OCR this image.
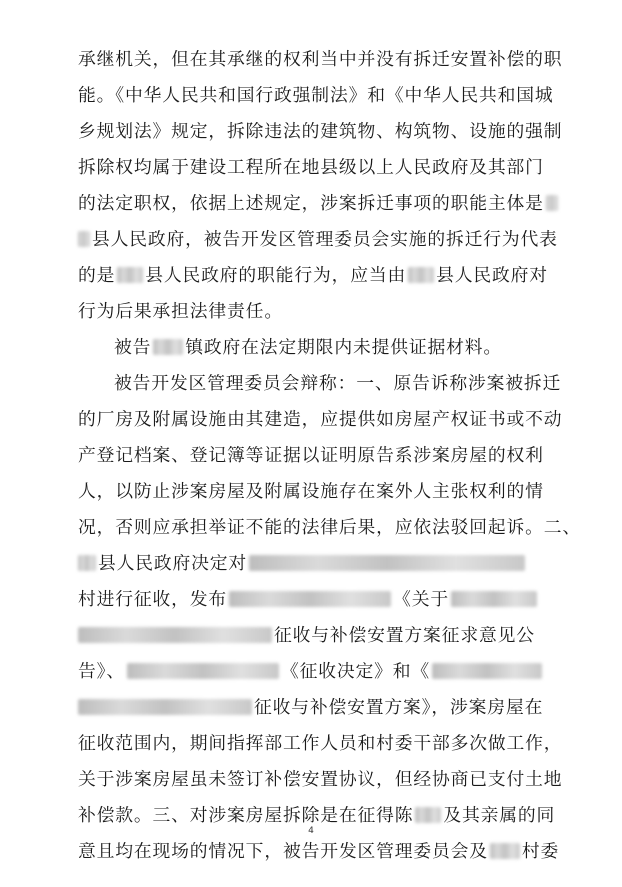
承继机关，但在其承继的权利当中并没有拆迁安置补偿的职
能。《中华人民共和国行政强制法》和《中华人民共和国城
乡规划法》规定，拆除违法的建筑物、构筑物、设施的强制
拆除权均属于建设工程所在地县级以上人民政府及其部门
的法定职权，依据上述规定，涉案拆迁事项的职能主体是
县人民政府，被告开发区管理委员会实施的拆迁行为代表
的是 县人民政府的职能行为，应当由 县人民政府对
行为后果承担法律责任。
被告 镇政府在法定期限内未提供证据材料。
被告开发区管理委员会辩称：一、原告诉称涉案被拆迁
的厂房及附属设施由其建造，应提供如房屋产权证书或不动
产登记档案、登记簿等证据以证明原告系涉案房屋的权利
人，以防止涉案房屋及附属设施存在案外人主张权利的情
况，否则应承担举证不能的法律后果，应依法驳回起诉。二、
县人民政府决定对
村进行征收，发布	《关于
征收与补偿安置方案征求意见公
告》、	《征收决定》和《
征收与补偿安置方案》，涉案房屋在
征收范围内，期间指挥部工作人员和村委干部多次做工作，
关于涉案房屋虽未签订补偿安置协议，但经协商已支付土地
补偿款。三、对涉案房屋拆除是在征得陈 及其亲属的同
意且均在现场的情况下，被告开发区管理委员会及 村委
4
